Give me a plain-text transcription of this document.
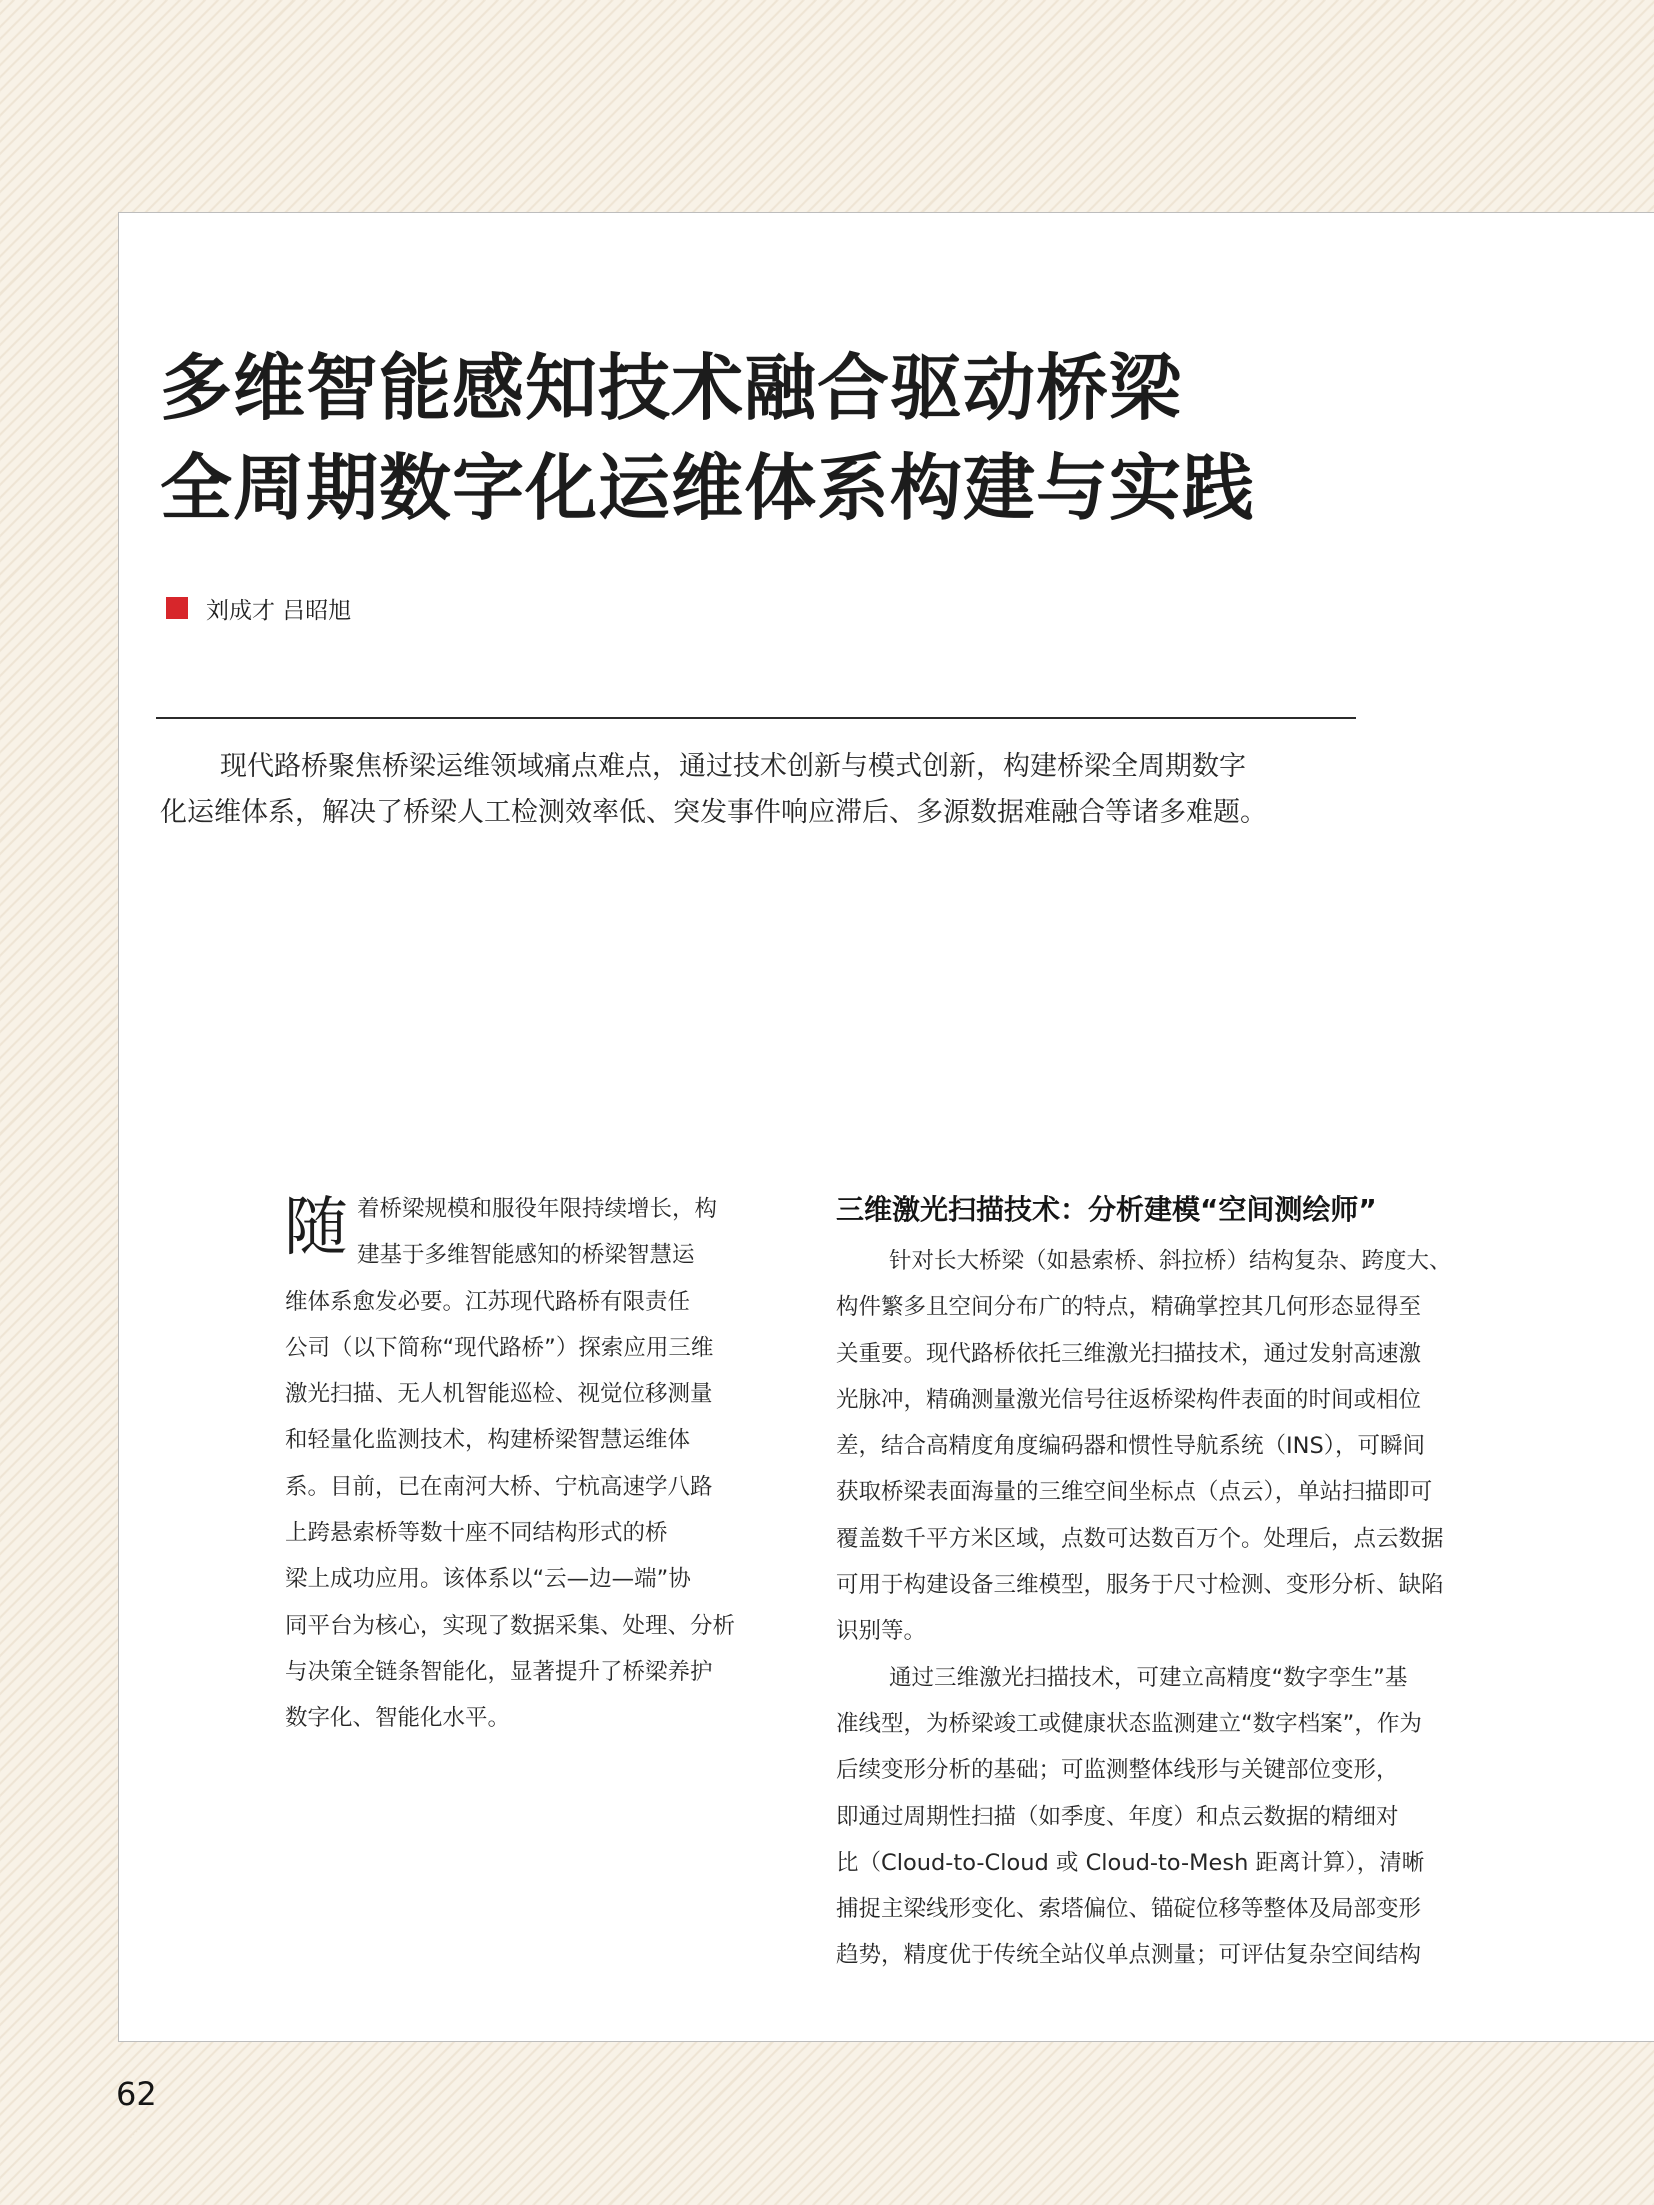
多维智能感知技术融合驱动桥梁
全周期数字化运维体系构建与实践
刘成才 吕昭旭

现代路桥聚焦桥梁运维领域痛点难点，通过技术创新与模式创新，构建桥梁全周期数字
化运维体系，解决了桥梁人工检测效率低、突发事件响应滞后、多源数据难融合等诸多难题。

随 着桥梁规模和服役年限持续增长，构
建基于多维智能感知的桥梁智慧运
维体系愈发必要。江苏现代路桥有限责任
公司（以下简称“现代路桥”）探索应用三维
激光扫描、无人机智能巡检、视觉位移测量
和轻量化监测技术，构建桥梁智慧运维体
系。目前，已在南河大桥、宁杭高速学八路
上跨悬索桥等数十座不同结构形式的桥
梁上成功应用。该体系以“云—边—端”协
同平台为核心，实现了数据采集、处理、分析
与决策全链条智能化，显著提升了桥梁养护
数字化、智能化水平。
三维激光扫描技术：分析建模“空间测绘师”
针对长大桥梁（如悬索桥、斜拉桥）结构复杂、跨度大、
构件繁多且空间分布广的特点，精确掌控其几何形态显得至
关重要。现代路桥依托三维激光扫描技术，通过发射高速激
光脉冲，精确测量激光信号往返桥梁构件表面的时间或相位
差，结合高精度角度编码器和惯性导航系统（INS），可瞬间
获取桥梁表面海量的三维空间坐标点（点云），单站扫描即可
覆盖数千平方米区域，点数可达数百万个。处理后，点云数据
可用于构建设备三维模型，服务于尺寸检测、变形分析、缺陷
识别等。
通过三维激光扫描技术，可建立高精度“数字孪生”基
准线型，为桥梁竣工或健康状态监测建立“数字档案”，作为
后续变形分析的基础；可监测整体线形与关键部位变形，
即通过周期性扫描（如季度、年度）和点云数据的精细对
比（Cloud-to-Cloud 或 Cloud-to-Mesh 距离计算），清晰
捕捉主梁线形变化、索塔偏位、锚碇位移等整体及局部变形
趋势，精度优于传统全站仪单点测量；可评估复杂空间结构
62
